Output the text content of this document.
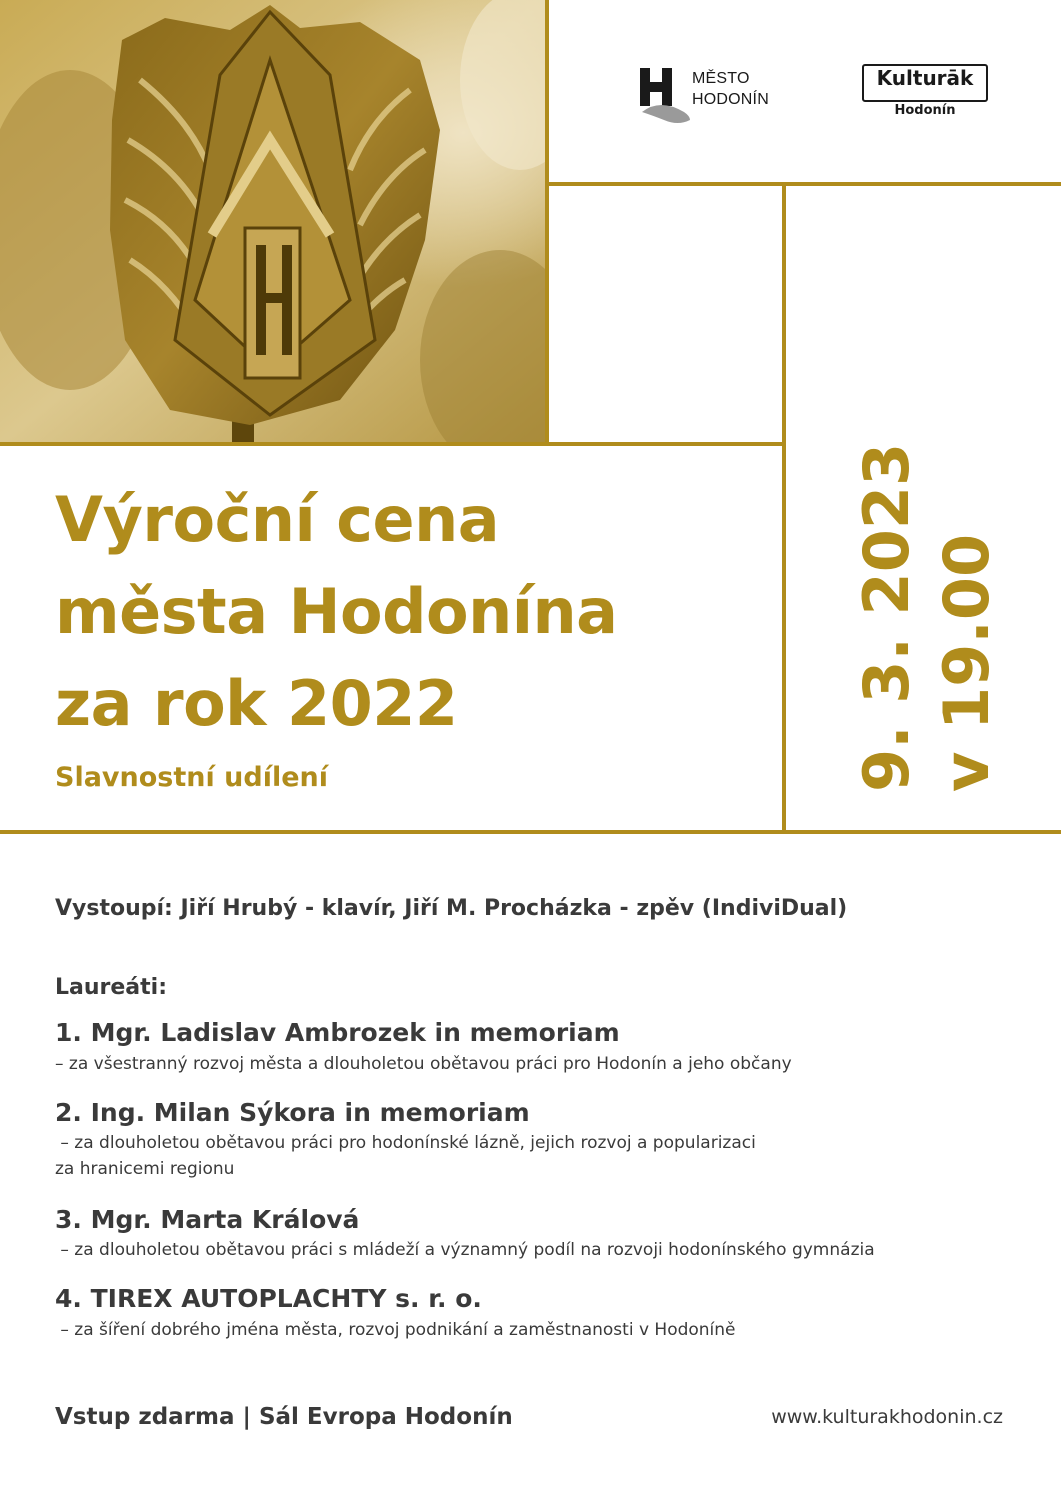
MĚSTO
HODONÍN
Kulturāk
Hodonín
Výroční cena
města Hodonína
za rok 2022
Slavnostní udílení	9. 3. 2023 v 19.00
Vystoupí: Jiří Hrubý - klavír, Jiří M. Procházka - zpěv (IndiviDual)
Laureáti:
1. Mgr. Ladislav Ambrozek in memoriam
– za všestranný rozvoj města a dlouholetou obětavou práci pro Hodonín a jeho občany
2. Ing. Milan Sýkora in memoriam
– za dlouholetou obětavou práci pro hodonínské lázně, jejich rozvoj a popularizaci
za hranicemi regionu
3. Mgr. Marta Králová
– za dlouholetou obětavou práci s mládeží a významný podíl na rozvoji hodonínského gymnázia
4. TIREX AUTOPLACHTY s. r. o.
– za šíření dobrého jména města, rozvoj podnikání a zaměstnanosti v Hodoníně
Vstup zdarma | Sál Evropa Hodonín	www.kulturakhodonin.cz
